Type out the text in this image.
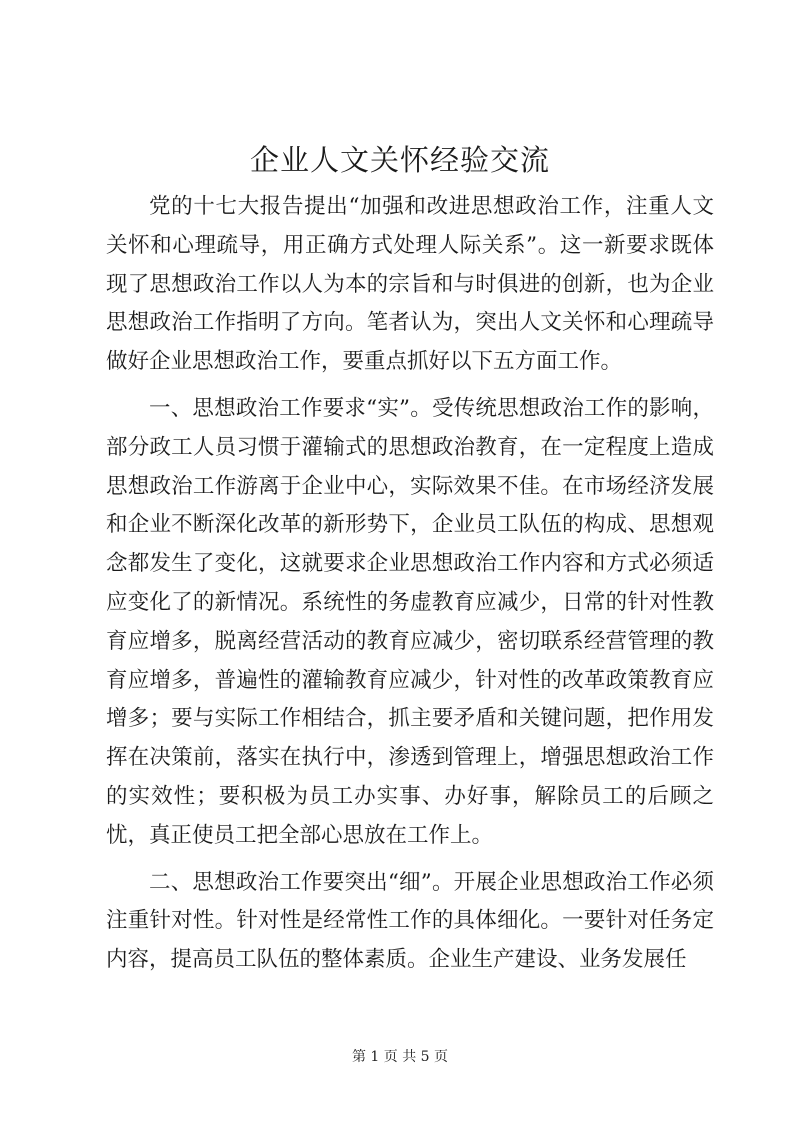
企业人文关怀经验交流

党的十七大报告提出“加强和改进思想政治工作，注重人文关怀和心理疏导，用正确方式处理人际关系”。这一新要求既体现了思想政治工作以人为本的宗旨和与时俱进的创新，也为企业思想政治工作指明了方向。笔者认为，突出人文关怀和心理疏导做好企业思想政治工作，要重点抓好以下五方面工作。

一、思想政治工作要求“实”。受传统思想政治工作的影响，部分政工人员习惯于灌输式的思想政治教育，在一定程度上造成思想政治工作游离于企业中心，实际效果不佳。在市场经济发展和企业不断深化改革的新形势下，企业员工队伍的构成、思想观念都发生了变化，这就要求企业思想政治工作内容和方式必须适应变化了的新情况。系统性的务虚教育应减少，日常的针对性教育应增多，脱离经营活动的教育应减少，密切联系经营管理的教育应增多，普遍性的灌输教育应减少，针对性的改革政策教育应增多；要与实际工作相结合，抓主要矛盾和关键问题，把作用发挥在决策前，落实在执行中，渗透到管理上，增强思想政治工作的实效性；要积极为员工办实事、办好事，解除员工的后顾之忧，真正使员工把全部心思放在工作上。

二、思想政治工作要突出“细”。开展企业思想政治工作必须注重针对性。针对性是经常性工作的具体细化。一要针对任务定内容，提高员工队伍的整体素质。企业生产建设、业务发展任

第 1 页 共 5 页
